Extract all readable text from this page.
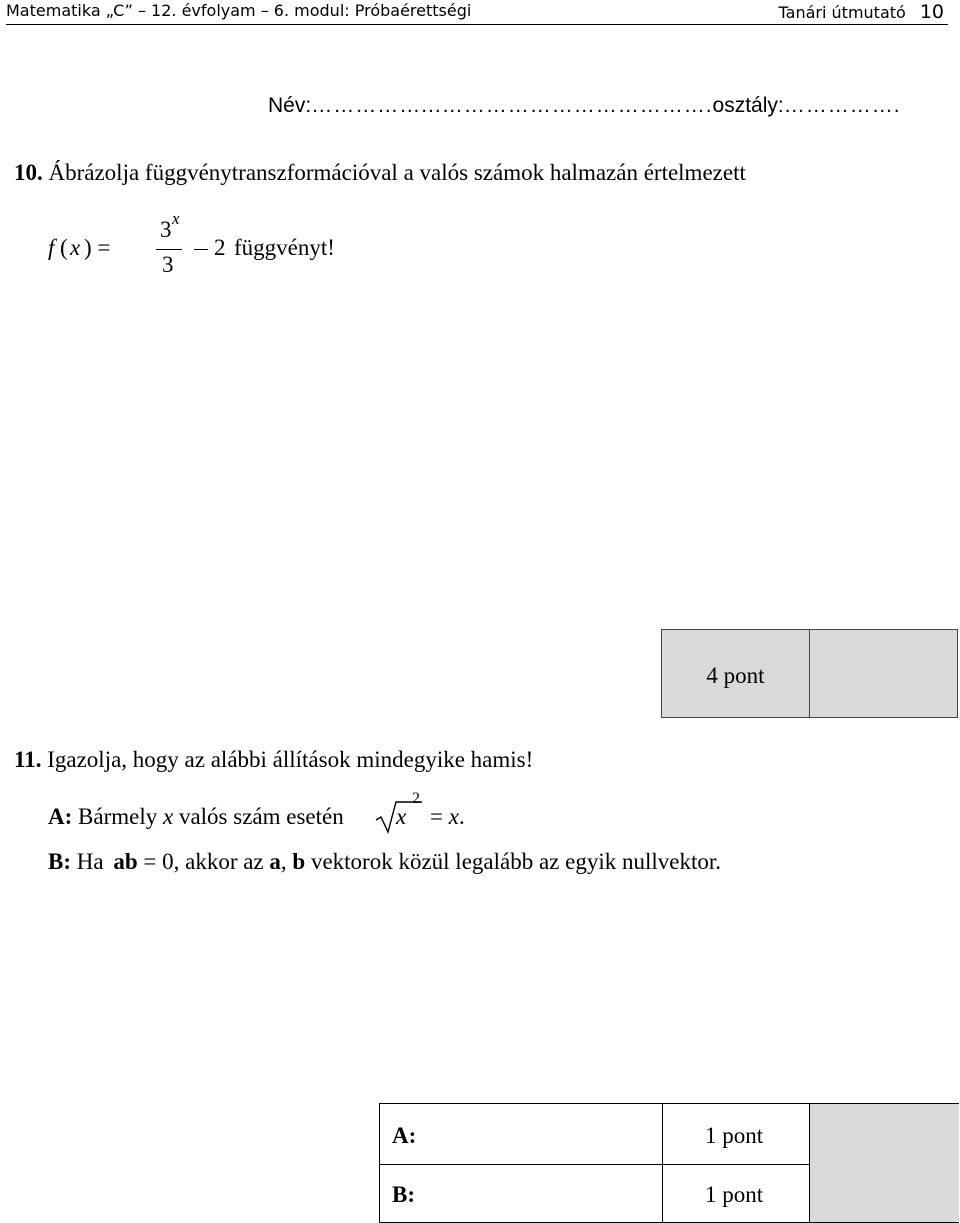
Matematika „C” – 12. évfolyam – 6. modul: Próbaérettségi	Tanári útmutató 10
Név:……………...……………………………….osztály:…………….
10. Ábrázolja függvénytranszformációval a valós számok halmazán értelmezett
f ( x ) =
3 x
3
2 függvényt!
4 pont
11. Igazolja, hogy az alábbi állítások mindegyike hamis!
A: Bármely x valós szám esetén x
2
= x.
B: Ha ab = 0, akkor az a, b vektorok közül legalább az egyik nullvektor.
A:	1 pont
B:	1 pont
